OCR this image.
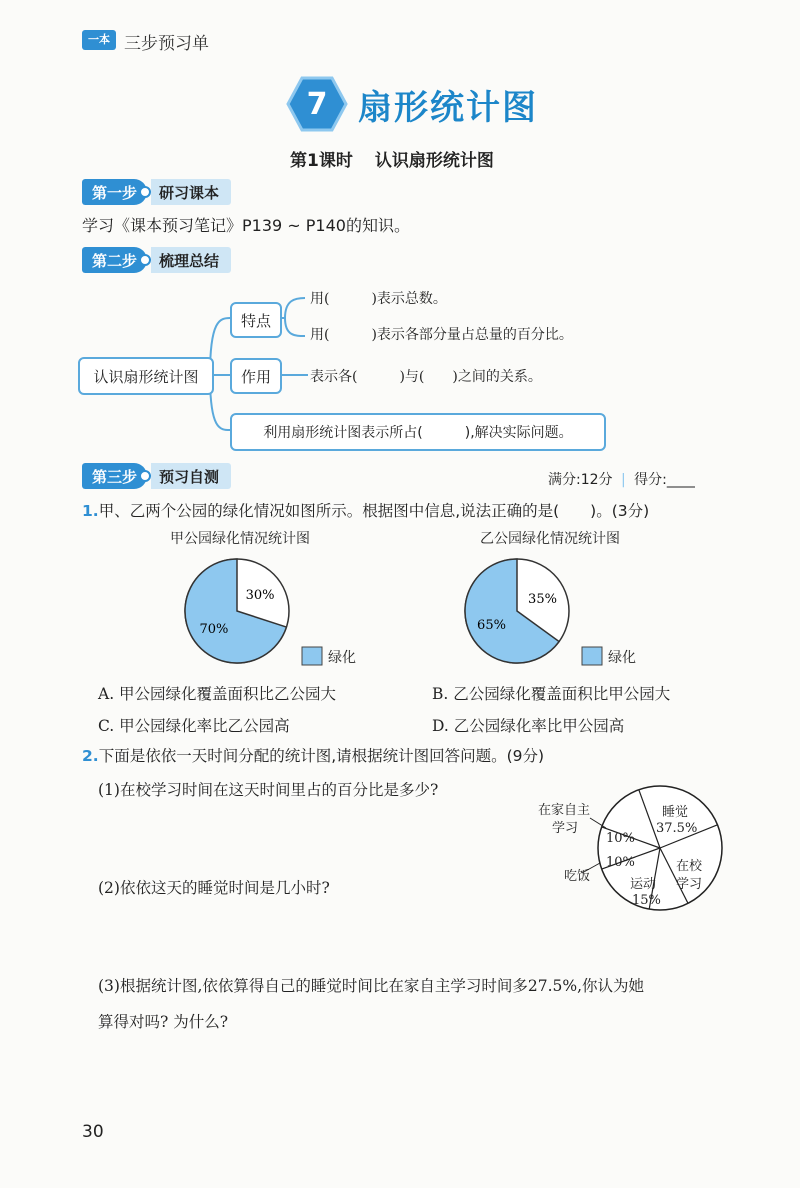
一本 三步预习单
7 扇形统计图
第1课时 认识扇形统计图
第一步	研习课本
学习《课本预习笔记》P139 ~ P140的知识。
第二步	梳理总结
认识扇形统计图
特点
作用
用(　　　)表示总数。
用(　　　)表示各部分量占总量的百分比。
表示各(　　　)与(　　)之间的关系。
利用扇形统计图表示所占(　　　),解决实际问题。
第三步	预习自测	满分:12分 | 得分:____
1.甲、乙两个公园的绿化情况如图所示。根据图中信息,说法正确的是(　　)。(3分)
甲公园绿化情况统计图
70%
30%
绿化
乙公园绿化情况统计图
65%
35%
绿化
A. 甲公园绿化覆盖面积比乙公园大	B. 乙公园绿化覆盖面积比甲公园大
C. 甲公园绿化率比乙公园高	D. 乙公园绿化率比甲公园高
2.下面是依依一天时间分配的统计图,请根据统计图回答问题。(9分)
(1)在校学习时间在这天时间里占的百分比是多少?
(2)依依这天的睡觉时间是几小时?
(3)根据统计图,依依算得自己的睡觉时间比在家自主学习时间多27.5%,你认为她
算得对吗? 为什么?
在家自主
学习
10%
睡觉
37.5%
吃饭
10%
运动
15%
在校
学习
30
